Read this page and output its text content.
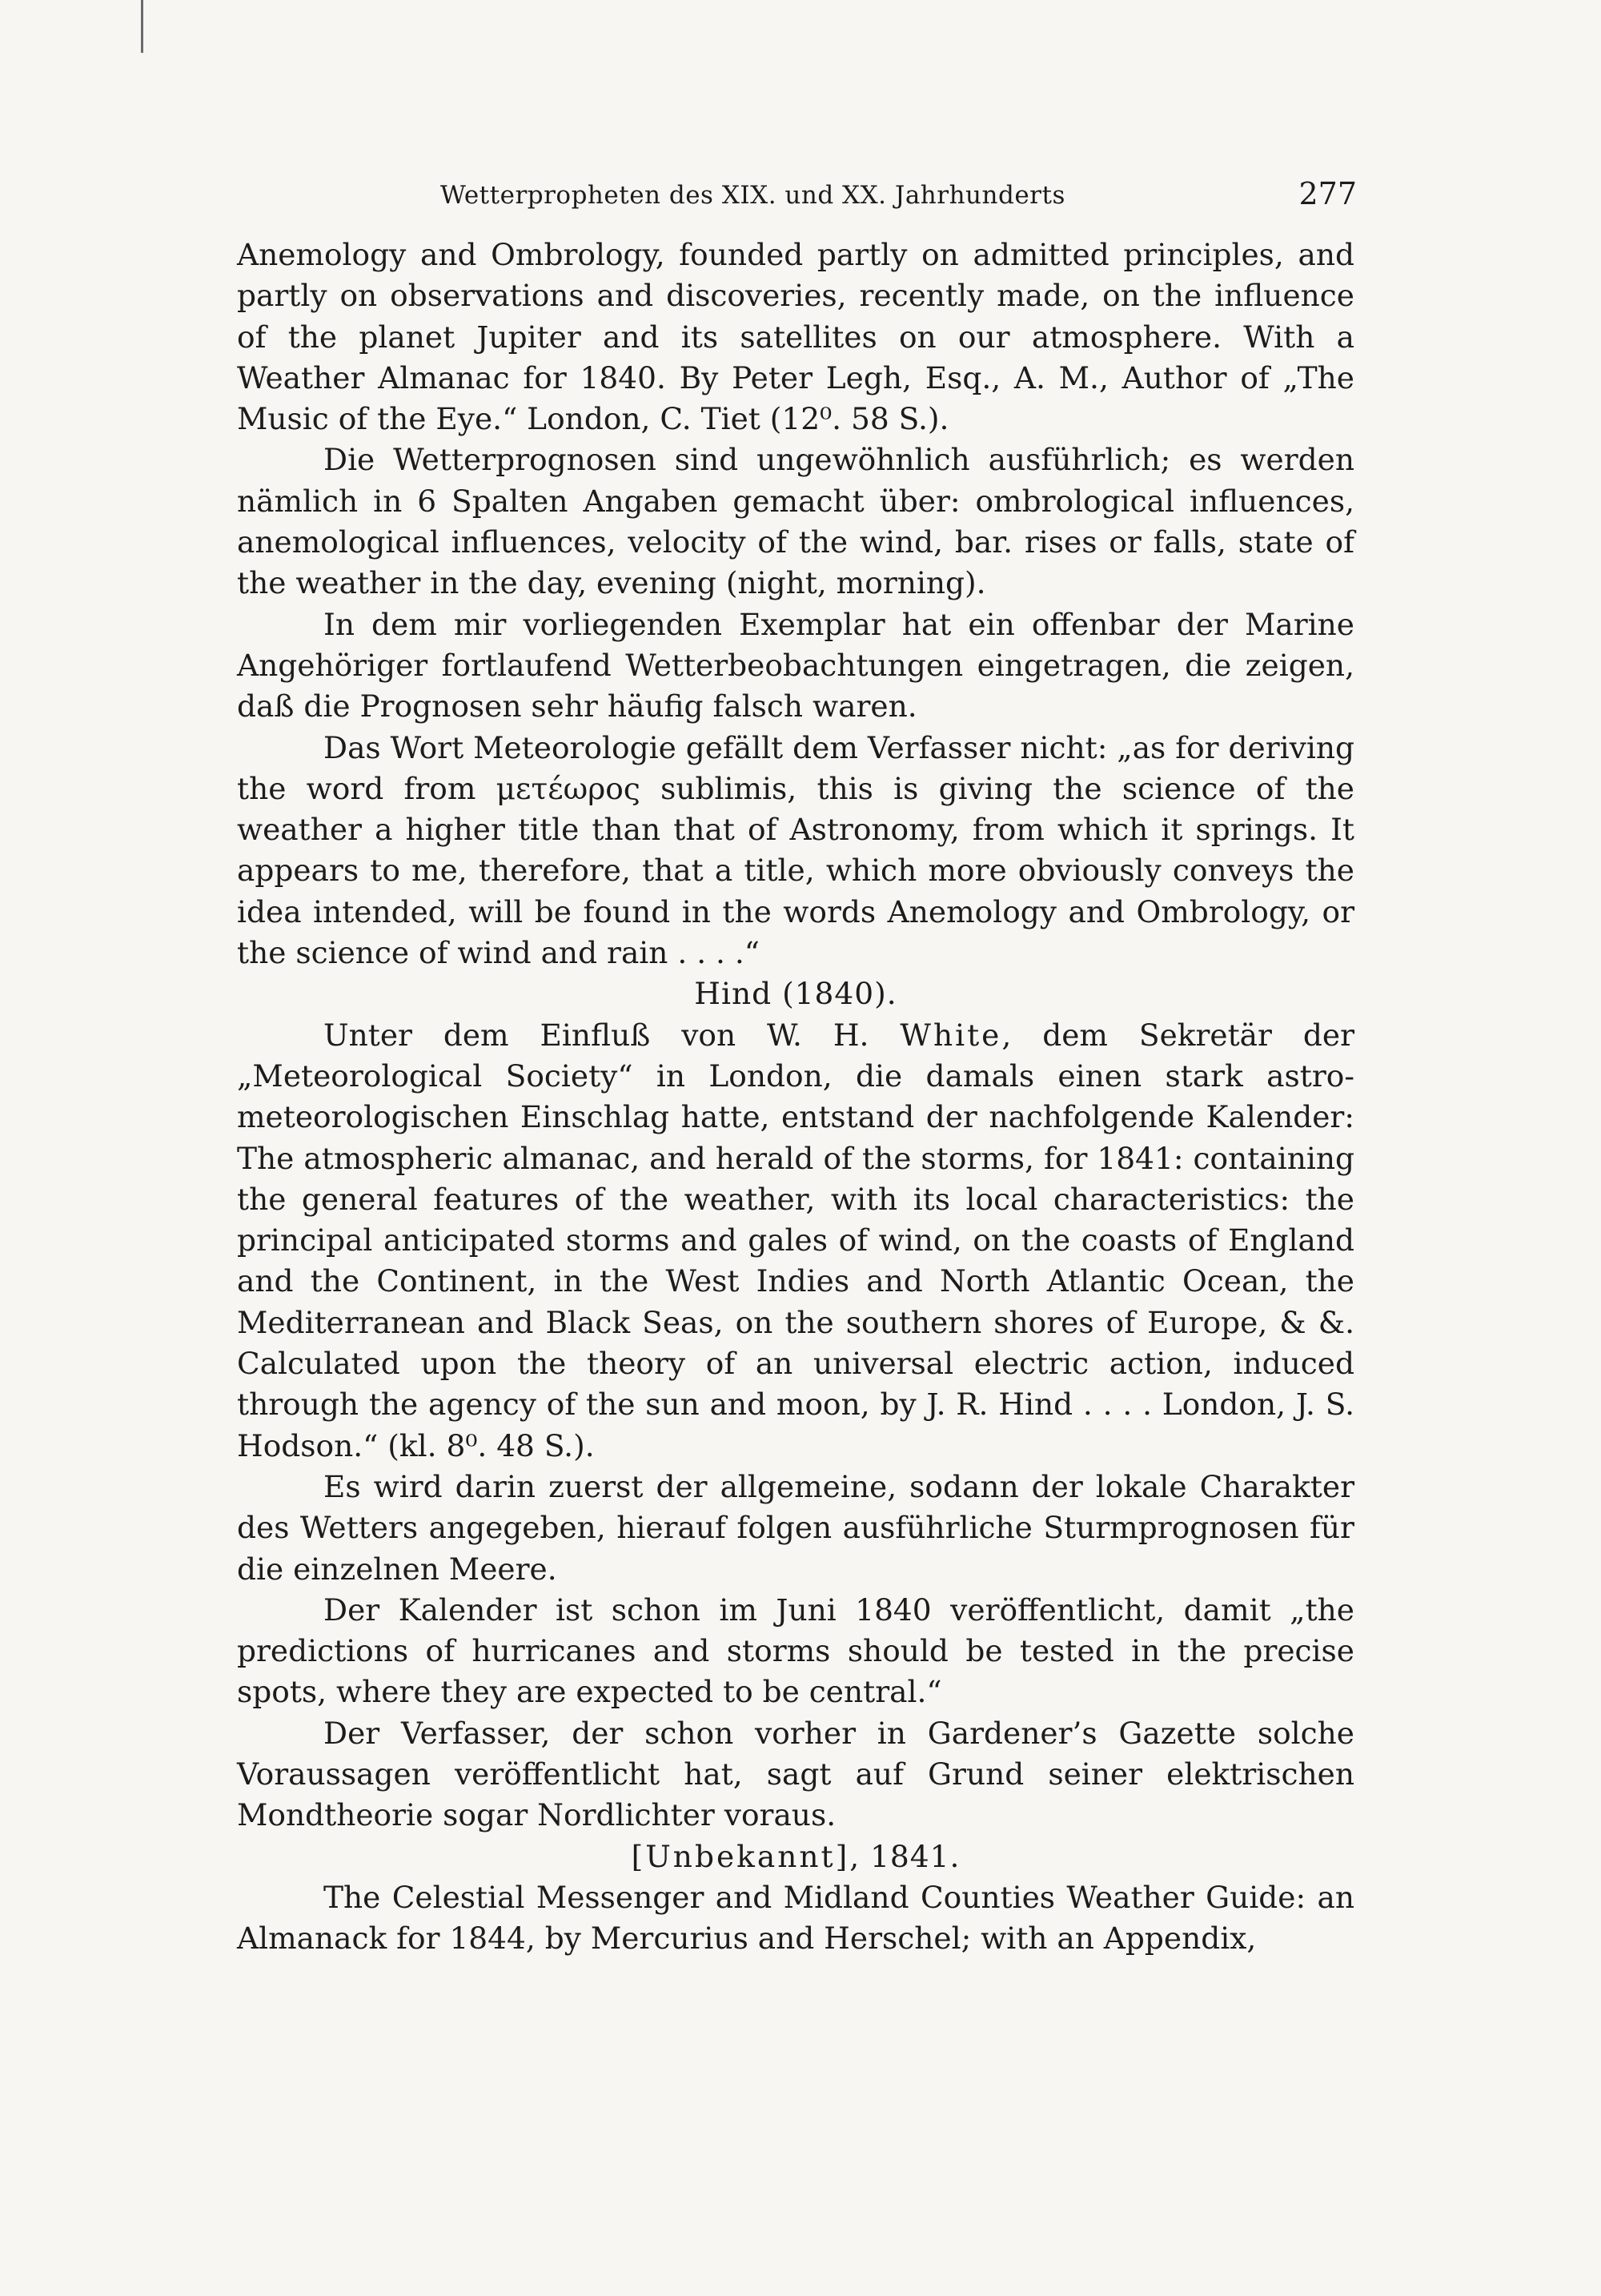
Wetterpropheten des XIX. und XX. Jahrhunderts	277

Anemology and Ombrology, founded partly on admitted principles, and partly on observations and discoveries, recently made, on the influence of the planet Jupiter and its satellites on our atmosphere. With a Weather Almanac for 1840. By Peter Legh, Esq., A. M., Author of „The Music of the Eye.“ London, C. Tiet (12⁰. 58 S.).

Die Wetterprognosen sind ungewöhnlich ausführlich; es werden nämlich in 6 Spalten Angaben gemacht über: ombrological influences, anemological influences, velocity of the wind, bar. rises or falls, state of the weather in the day, evening (night, morning).

In dem mir vorliegenden Exemplar hat ein offenbar der Marine Angehöriger fortlaufend Wetterbeobachtungen eingetragen, die zeigen, daß die Prognosen sehr häufig falsch waren.

Das Wort Meteorologie gefällt dem Verfasser nicht: „as for deriving the word from μετέωρος sublimis, this is giving the science of the weather a higher title than that of Astronomy, from which it springs. It appears to me, therefore, that a title, which more obviously conveys the idea intended, will be found in the words Anemology and Ombrology, or the science of wind and rain . . . .“

Hind (1840).

Unter dem Einfluß von W. H. White, dem Sekretär der „Meteorological Society“ in London, die damals einen stark astro-meteorologischen Einschlag hatte, entstand der nachfolgende Kalender: The atmospheric almanac, and herald of the storms, for 1841: containing the general features of the weather, with its local characteristics: the principal anticipated storms and gales of wind, on the coasts of England and the Continent, in the West Indies and North Atlantic Ocean, the Mediterranean and Black Seas, on the southern shores of Europe, & &. Calculated upon the theory of an universal electric action, induced through the agency of the sun and moon, by J. R. Hind . . . . London, J. S. Hodson.“ (kl. 8⁰. 48 S.).

Es wird darin zuerst der allgemeine, sodann der lokale Charakter des Wetters angegeben, hierauf folgen ausführliche Sturmprognosen für die einzelnen Meere.

Der Kalender ist schon im Juni 1840 veröffentlicht, damit „the predictions of hurricanes and storms should be tested in the precise spots, where they are expected to be central.“

Der Verfasser, der schon vorher in Gardener’s Gazette solche Voraussagen veröffentlicht hat, sagt auf Grund seiner elektrischen Mondtheorie sogar Nordlichter voraus.

[Unbekannt], 1841.

The Celestial Messenger and Midland Counties Weather Guide: an Almanack for 1844, by Mercurius and Herschel; with an Appendix,
